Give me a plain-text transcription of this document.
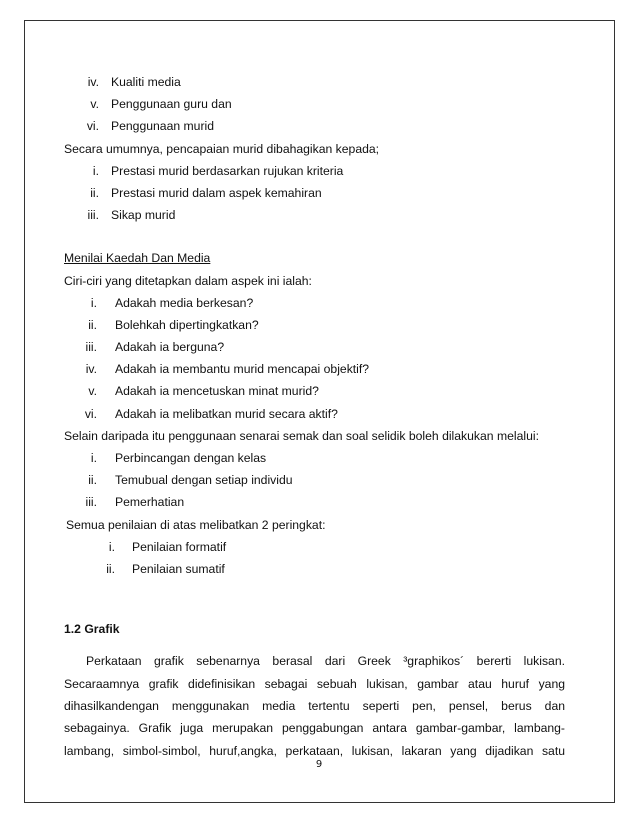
iv. Kualiti media
v. Penggunaan guru dan
vi. Penggunaan murid
Secara umumnya, pencapaian murid dibahagikan kepada;
i. Prestasi murid berdasarkan rujukan kriteria
ii. Prestasi murid dalam aspek kemahiran
iii. Sikap murid
Menilai Kaedah Dan Media
Ciri-ciri yang ditetapkan dalam aspek ini ialah:
i. Adakah media berkesan?
ii. Bolehkah dipertingkatkan?
iii. Adakah ia berguna?
iv. Adakah ia membantu murid mencapai objektif?
v. Adakah ia mencetuskan minat murid?
vi. Adakah ia melibatkan murid secara aktif?
Selain daripada itu penggunaan senarai semak dan soal selidik boleh dilakukan melalui:
i. Perbincangan dengan kelas
ii. Temubual dengan setiap individu
iii. Pemerhatian
Semua penilaian di atas melibatkan 2 peringkat:
i. Penilaian formatif
ii. Penilaian sumatif
1.2 Grafik
Perkataan grafik sebenarnya berasal dari Greek ³graphikos´ bererti lukisan.
Secaraamnya grafik didefinisikan sebagai sebuah lukisan, gambar atau huruf yang
dihasilkandengan menggunakan media tertentu seperti pen, pensel, berus dan
sebagainya. Grafik juga merupakan penggabungan antara gambar-gambar, lambang-
lambang, simbol-simbol, huruf,angka, perkataan, lukisan, lakaran yang dijadikan satu
9
